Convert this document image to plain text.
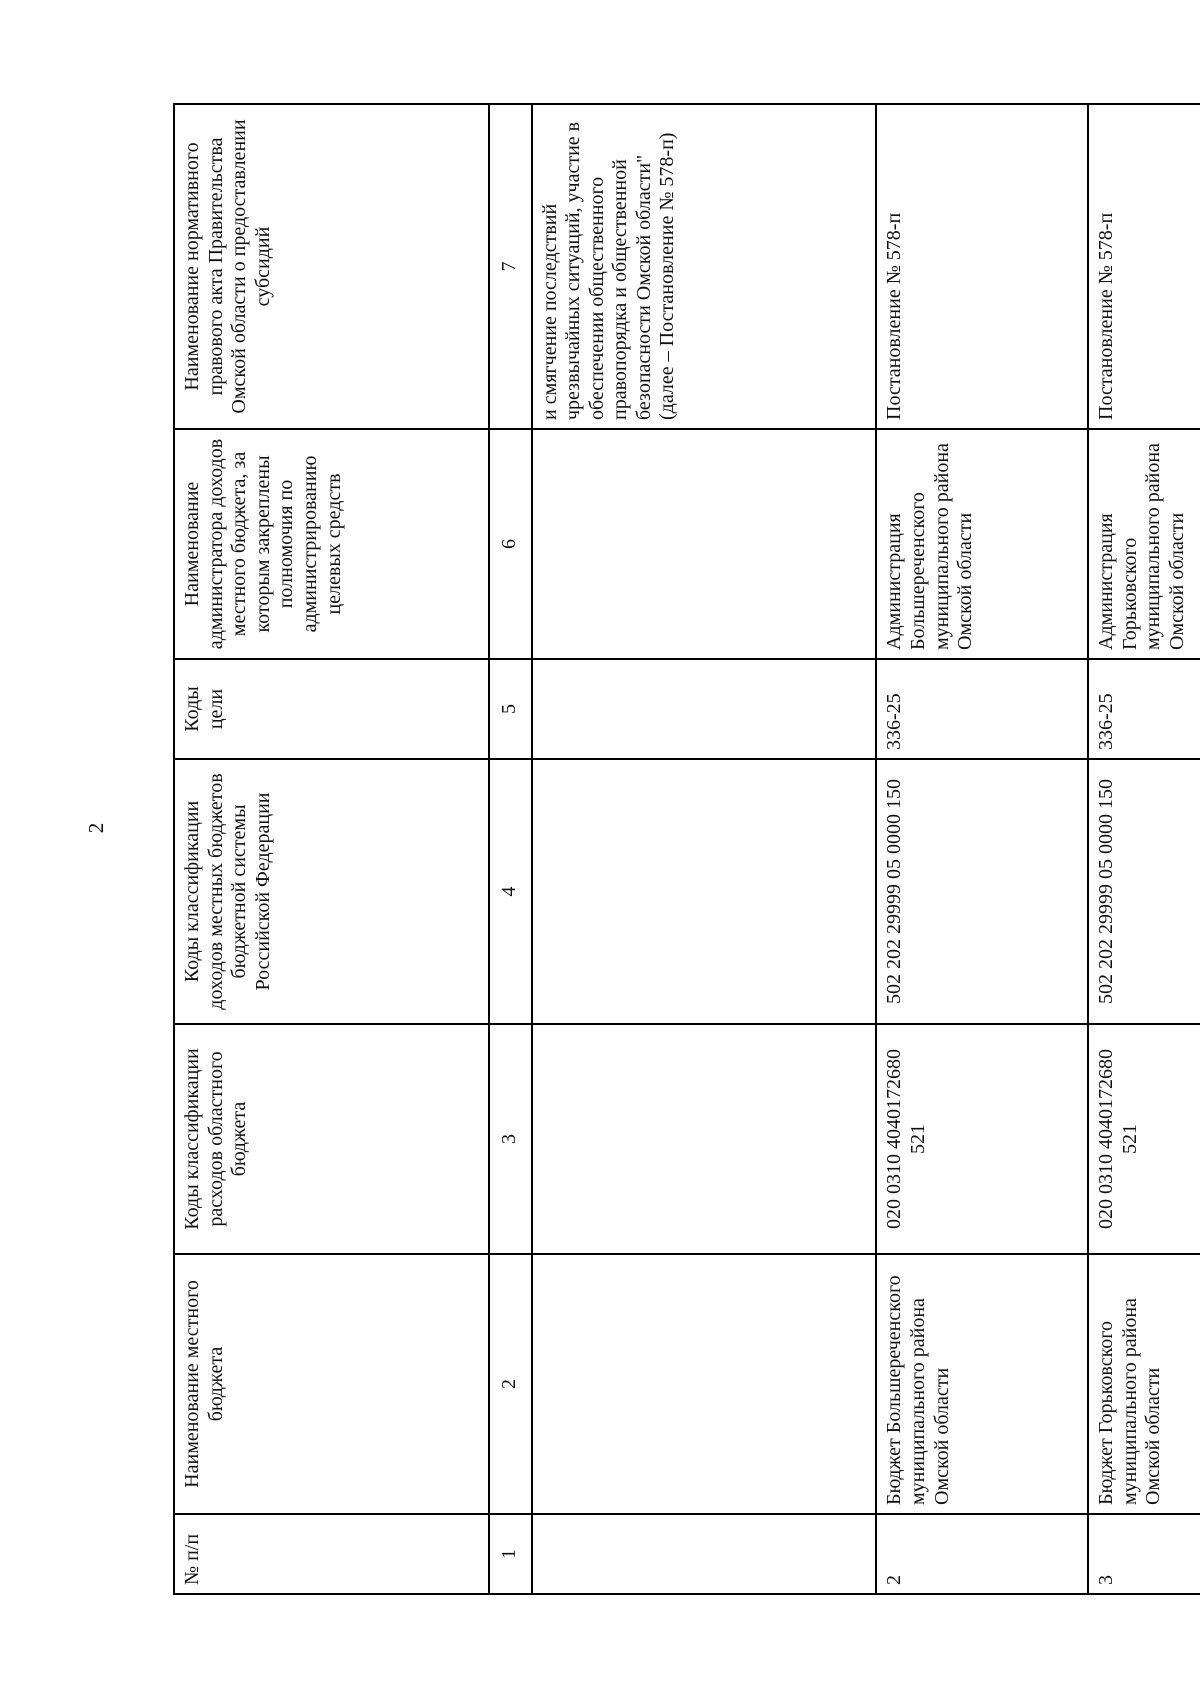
2
№ п/п	Наименование местного бюджета	Коды классификации расходов областного бюджета	Коды классификации доходов местных бюджетов бюджетной системы Российской Федерации	Коды цели	Наименование администратора доходов местного бюджета, за которым закреплены полномочия по администрированию целевых средств	Наименование нормативного правового акта Правительства Омской области о предоставлении субсидий
1	2	3	4	5	6	7
						и смягчение последствий чрезвычайных ситуаций, участие в обеспечении общественного правопорядка и общественной безопасности Омской области" (далее – Постановление № 578-п)
2	Бюджет Большереченского муниципального района Омской области	020 0310 4040172680 521	502 202 29999 05 0000 150	336-25	Администрация Большереченского муниципального района Омской области	Постановление № 578-п
3	Бюджет Горьковского муниципального района Омской области	020 0310 4040172680 521	502 202 29999 05 0000 150	336-25	Администрация Горьковского муниципального района Омской области	Постановление № 578-п
